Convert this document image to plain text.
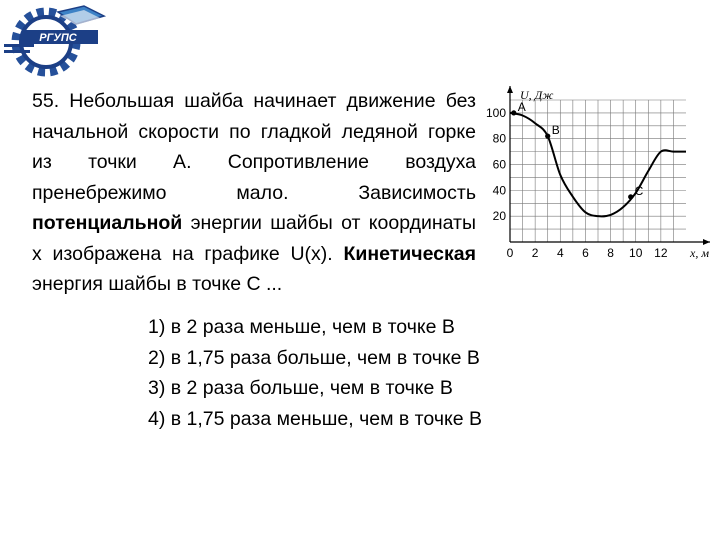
РГУПС
55. Небольшая шайба начинает движение без начальной скорости по гладкой ледяной горке из точки А. Сопротивление воздуха пренебрежимо мало. Зависимость потенциальной энергии шайбы от координаты х изображена на графике U(x). Кинетическая энергия шайбы в точке С ...
0 2 4 6 8 10 12
20
40
60
80
100
U, Дж
x, м
A
B
C

1) в 2 раза меньше, чем в точке В

2) в 1,75 раза больше, чем в точке В

3) в 2 раза больше, чем в точке В

4) в 1,75 раза меньше, чем в точке В
